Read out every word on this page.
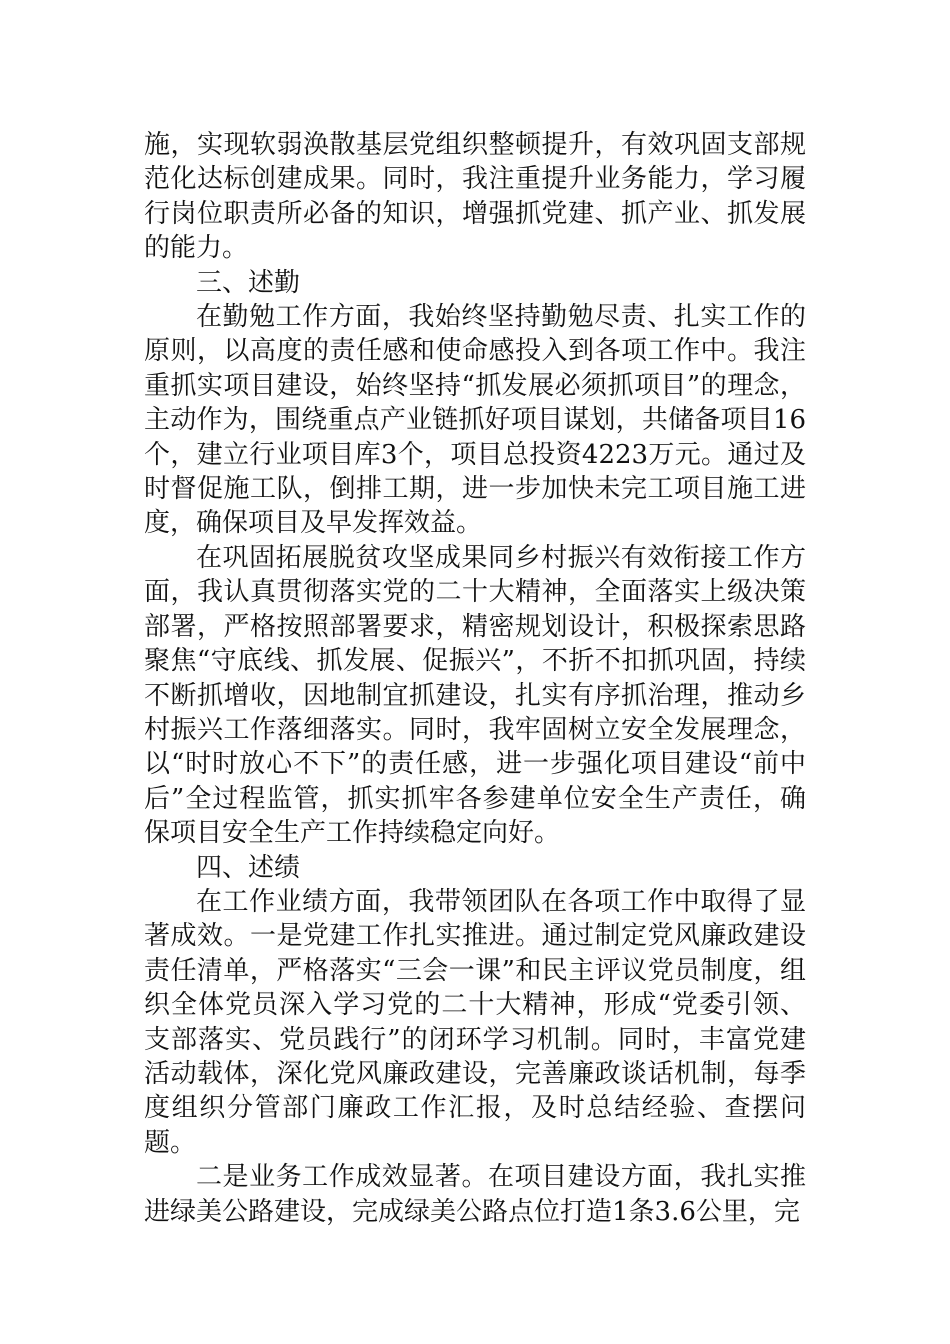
施，实现软弱涣散基层党组织整顿提升，有效巩固支部规范化达标创建成果。同时，我注重提升业务能力，学习履行岗位职责所必备的知识，增强抓党建、抓产业、抓发展的能力。

三、述勤

在勤勉工作方面，我始终坚持勤勉尽责、扎实工作的原则，以高度的责任感和使命感投入到各项工作中。我注重抓实项目建设，始终坚持“抓发展必须抓项目”的理念，主动作为，围绕重点产业链抓好项目谋划，共储备项目16个，建立行业项目库3个，项目总投资4223万元。通过及时督促施工队，倒排工期，进一步加快未完工项目施工进度，确保项目及早发挥效益。

在巩固拓展脱贫攻坚成果同乡村振兴有效衔接工作方面，我认真贯彻落实党的二十大精神，全面落实上级决策部署，严格按照部署要求，精密规划设计，积极探索思路聚焦“守底线、抓发展、促振兴”，不折不扣抓巩固，持续不断抓增收，因地制宜抓建设，扎实有序抓治理，推动乡村振兴工作落细落实。同时，我牢固树立安全发展理念，以“时时放心不下”的责任感，进一步强化项目建设“前中后”全过程监管，抓实抓牢各参建单位安全生产责任，确保项目安全生产工作持续稳定向好。

四、述绩

在工作业绩方面，我带领团队在各项工作中取得了显著成效。一是党建工作扎实推进。通过制定党风廉政建设责任清单，严格落实“三会一课”和民主评议党员制度，组织全体党员深入学习党的二十大精神，形成“党委引领、支部落实、党员践行”的闭环学习机制。同时，丰富党建活动载体，深化党风廉政建设，完善廉政谈话机制，每季度组织分管部门廉政工作汇报，及时总结经验、查摆问题。

二是业务工作成效显著。在项目建设方面，我扎实推进绿美公路建设，完成绿美公路点位打造1条3.6公里，完
